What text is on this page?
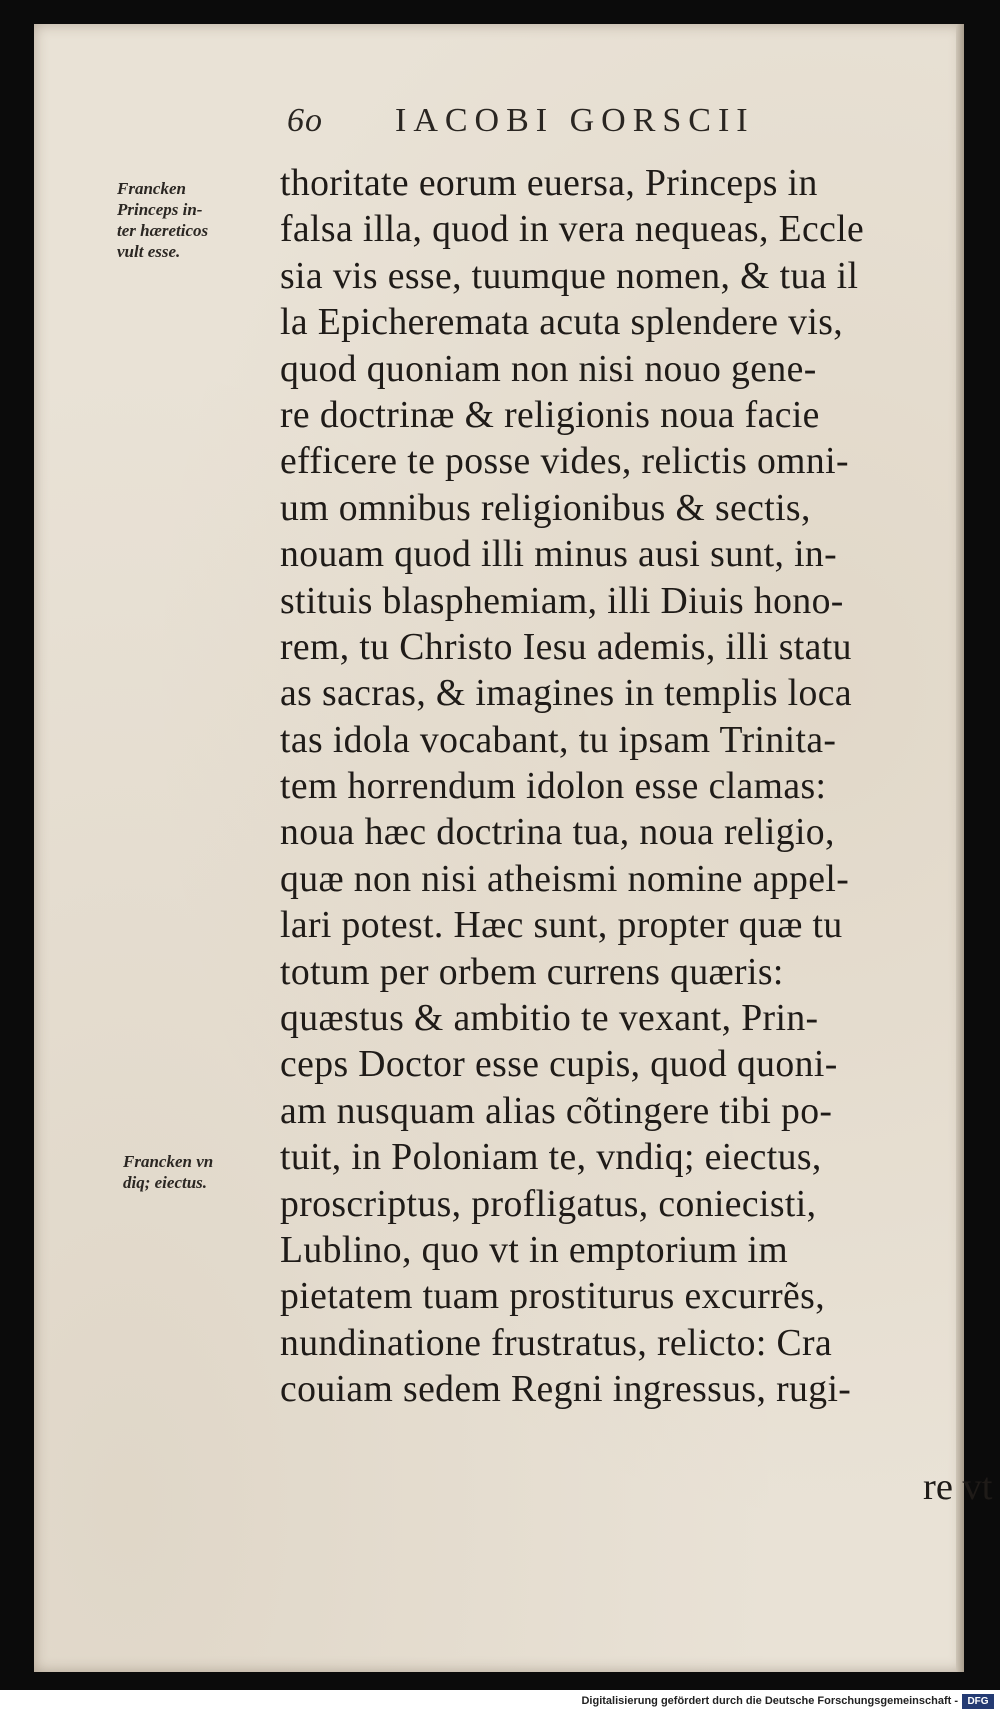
6o IACOBI GORSCII
Francken
Princeps in-
ter hæreticos
vult esse.
Francken vn
diq; eiectus.
thoritate eorum euersa, Princeps in
falsa illa, quod in vera nequeas, Eccle
sia vis esse, tuumque nomen, & tua il
la Epicheremata acuta splendere vis,
quod quoniam non nisi nouo gene-
re doctrinæ & religionis noua facie
efficere te posse vides, relictis omni-
um omnibus religionibus & sectis,
nouam quod illi minus ausi sunt, in-
stituis blasphemiam, illi Diuis hono-
rem, tu Christo Iesu ademis, illi statu
as sacras, & imagines in templis loca
tas idola vocabant, tu ipsam Trinita-
tem horrendum idolon esse clamas:
noua hæc doctrina tua, noua religio,
quæ non nisi atheismi nomine appel-
lari potest. Hæc sunt, propter quæ tu
totum per orbem currens quæris:
quæstus & ambitio te vexant, Prin-
ceps Doctor esse cupis, quod quoni-
am nusquam alias cõtingere tibi po-
tuit, in Poloniam te, vndiq; eiectus,
proscriptus, profligatus, coniecisti,
Lublino, quo vt in emptorium im
pietatem tuam prostiturus excurrẽs,
nundinatione frustratus, relicto: Cra
couiam sedem Regni ingressus, rugi-
re vt
Digitalisierung gefördert durch die Deutsche Forschungsgemeinschaft - DFG
